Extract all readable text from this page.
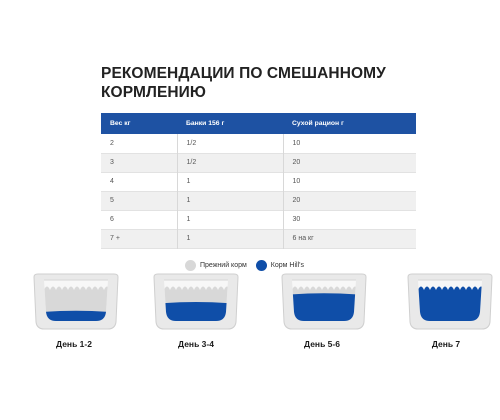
РЕКОМЕНДАЦИИ ПО СМЕШАННОМУ
КОРМЛЕНИЮ
Вес кг	Банки 156 г	Сухой рацион г
2	1/2	10
3	1/2	20
4	1	10
5	1	20
6	1	30
7 +	1	6 на кг
Прежний корм	Корм Hill's
День 1-2	День 3-4	День 5-6	День 7
